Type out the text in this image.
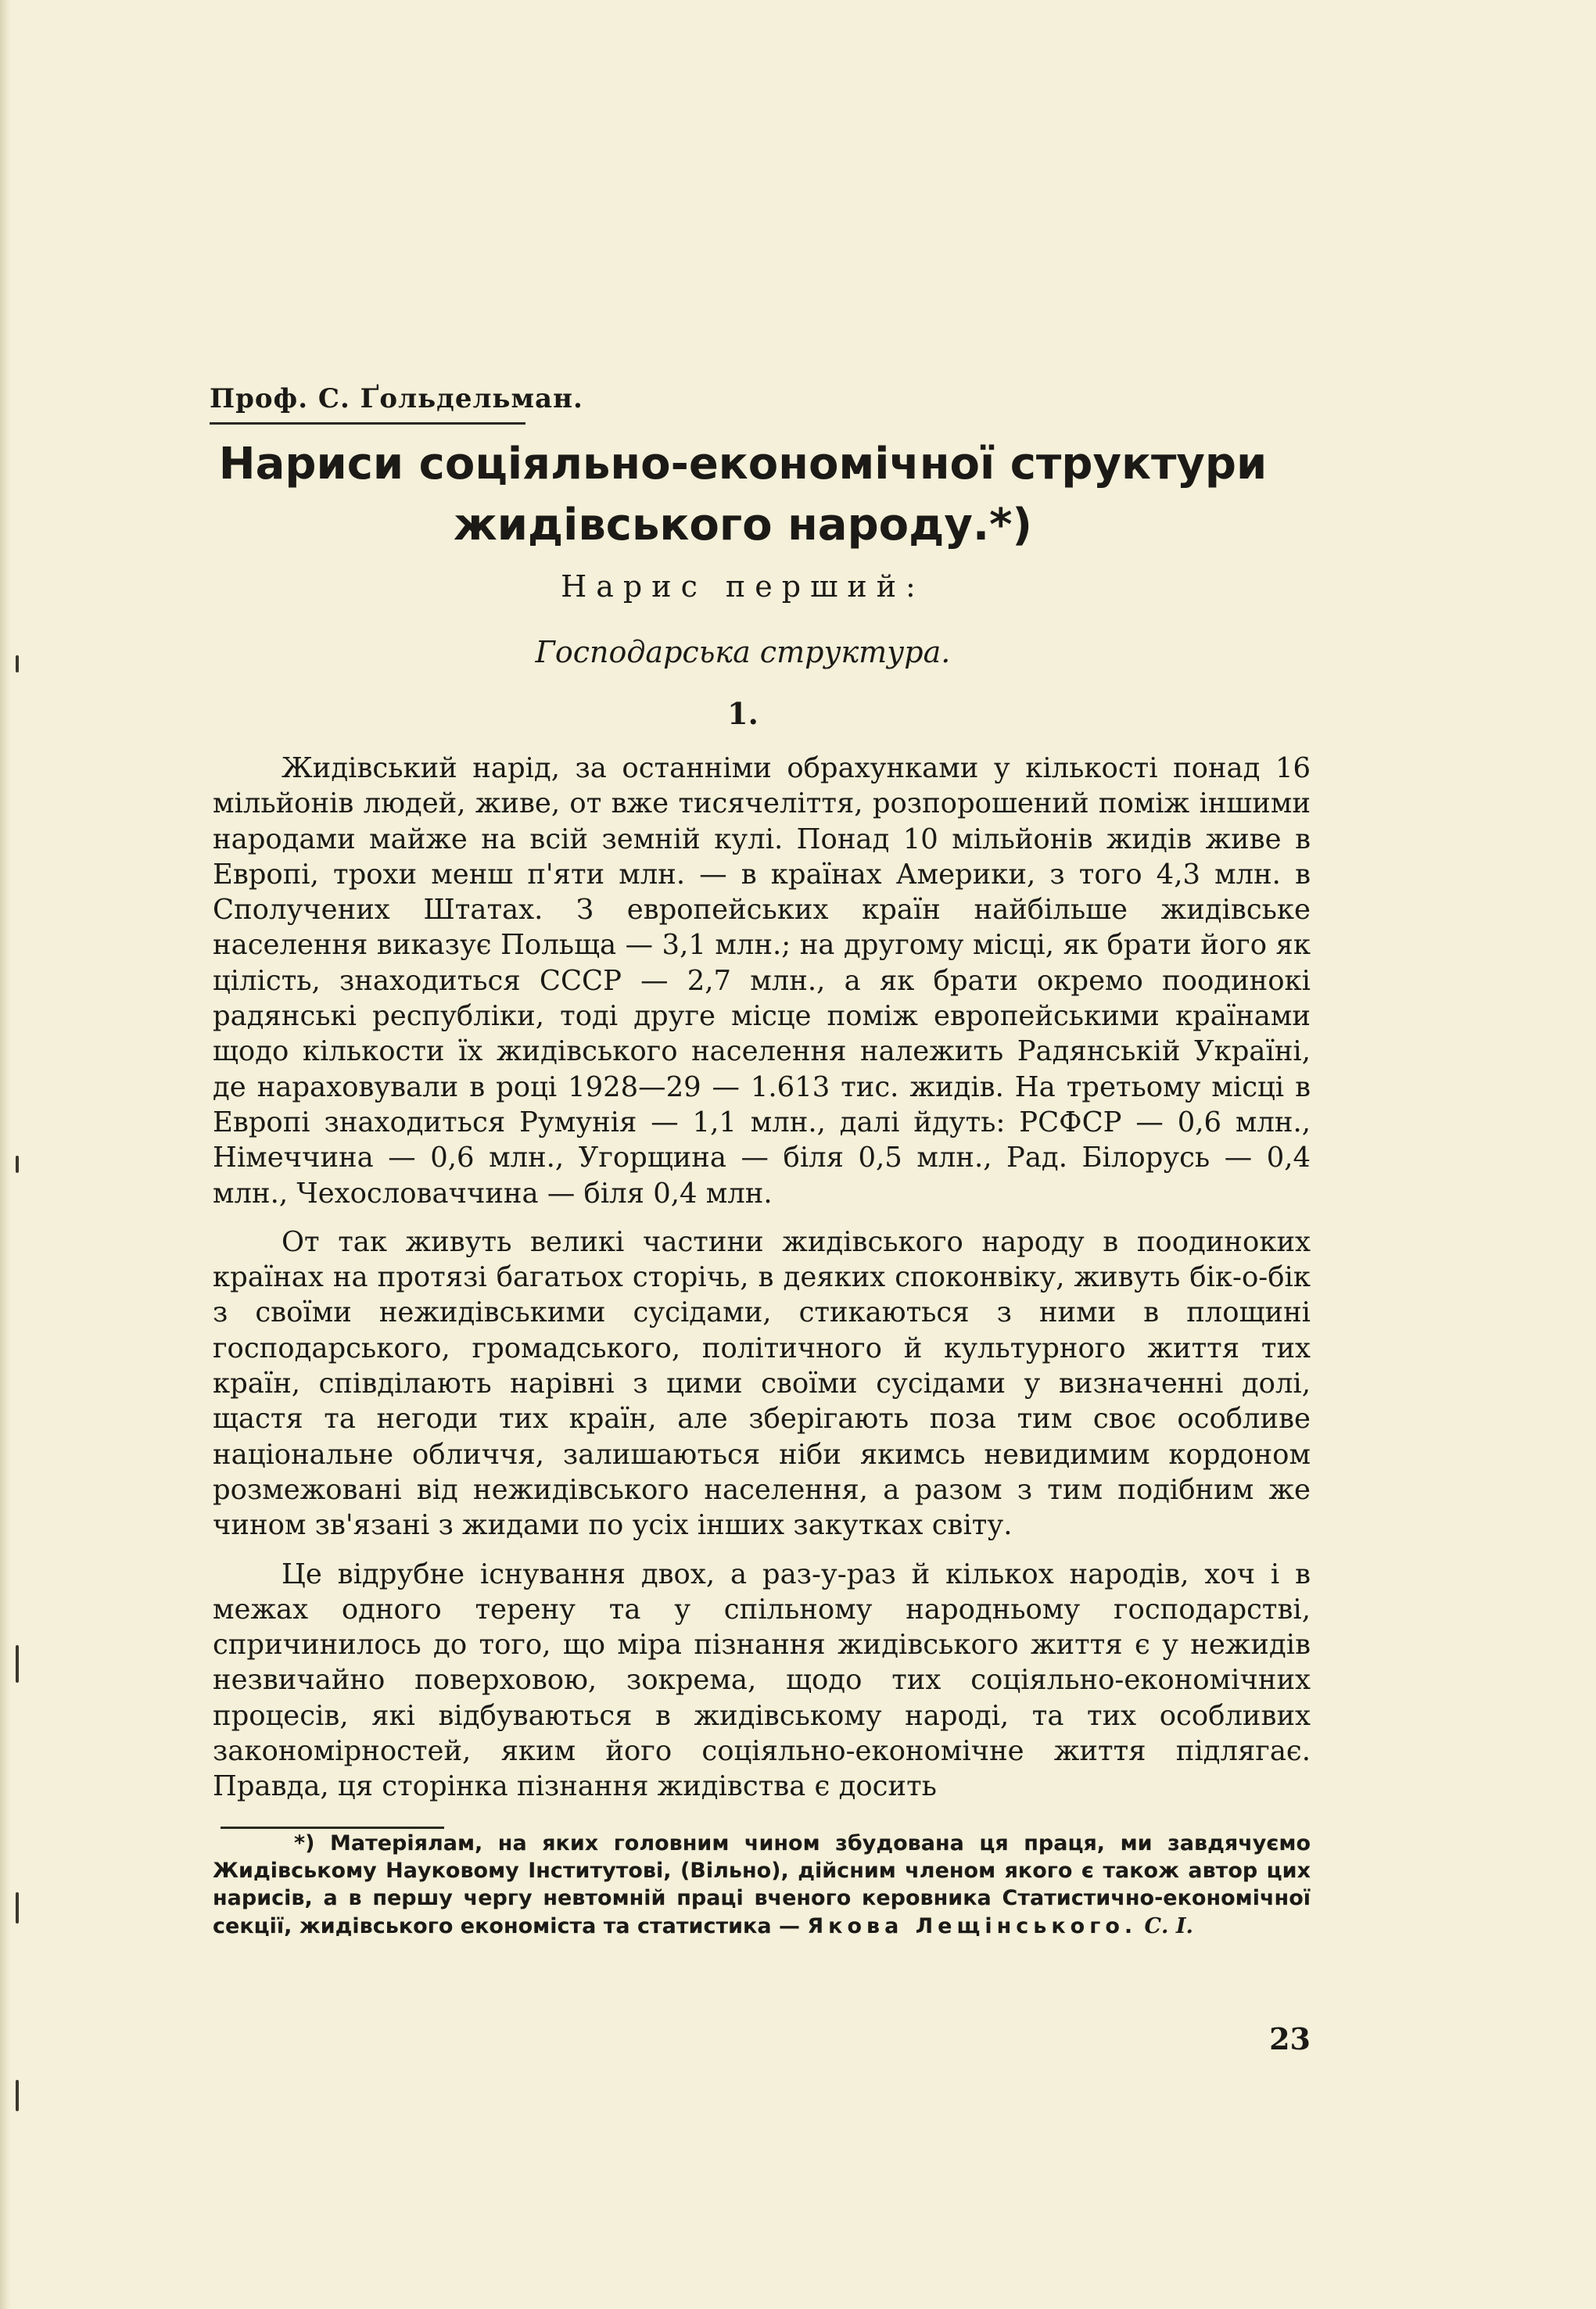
Проф. С. Ґольдельман.
Нариси соціяльно-економічної структури
жидівського народу.*)
Нарис перший:
Господарська структура.
1.

Жидівський нарід, за останніми обрахунками у кількості понад 16 мільйонів людей, живе, от вже тисячеліття, розпорошений поміж іншими народами майже на всій земній кулі. Понад 10 мільйонів жидів живе в Европі, трохи менш п'яти млн. — в країнах Америки, з того 4,3 млн. в Сполучених Штатах. З европейських країн найбільше жидівське населення виказує Польща — 3,1 млн.; на другому місці, як брати його як цілість, знаходиться СССР — 2,7 млн., а як брати окремо поодинокі радянські республіки, тоді друге місце поміж европейськими країнами щодо кількости їх жидівського населення належить Радянській Україні, де нараховували в році 1928—29 — 1.613 тис. жидів. На третьому місці в Европі знаходиться Румунія — 1,1 млн., далі йдуть: РСФСР — 0,6 млн., Німеччина — 0,6 млн., Угорщина — біля 0,5 млн., Рад. Білорусь — 0,4 млн., Чехословаччина — біля 0,4 млн.

От так живуть великі частини жидівського народу в поодиноких країнах на протязі багатьох сторічь, в деяких споконвіку, живуть бік-о-бік з своїми нежидівськими сусідами, стикаються з ними в площині господарського, громадського, політичного й культурного життя тих країн, співділають нарівні з цими своїми сусідами у визначенні долі, щастя та негоди тих країн, але зберігають поза тим своє особливе національне обличчя, залишаються ніби якимсь невидимим кордоном розмежовані від нежидівського населення, а разом з тим подібним же чином зв'язані з жидами по усіх інших закутках світу.

Це відрубне існування двох, а раз-у-раз й кількох народів, хоч і в межах одного терену та у спільному народньому господарстві, спричинилось до того, що міра пізнання жидівського життя є у нежидів незвичайно поверховою, зокрема, щодо тих соціяльно-економічних процесів, які відбуваються в жидівському народі, та тих особливих закономірностей, яким його соціяльно-економічне життя підлягає. Правда, ця сторінка пізнання жидівства є досить

*) Матеріялам, на яких головним чином збудована ця праця, ми завдячуємо Жидівському Науковому Інститутові, (Вільно), дійсним членом якого є також автор цих нарисів, а в першу чергу невтомній праці вченого керовника Статистично-економічної секції, жидівського економіста та статистика — Якова Лещінського. С. І.
23
